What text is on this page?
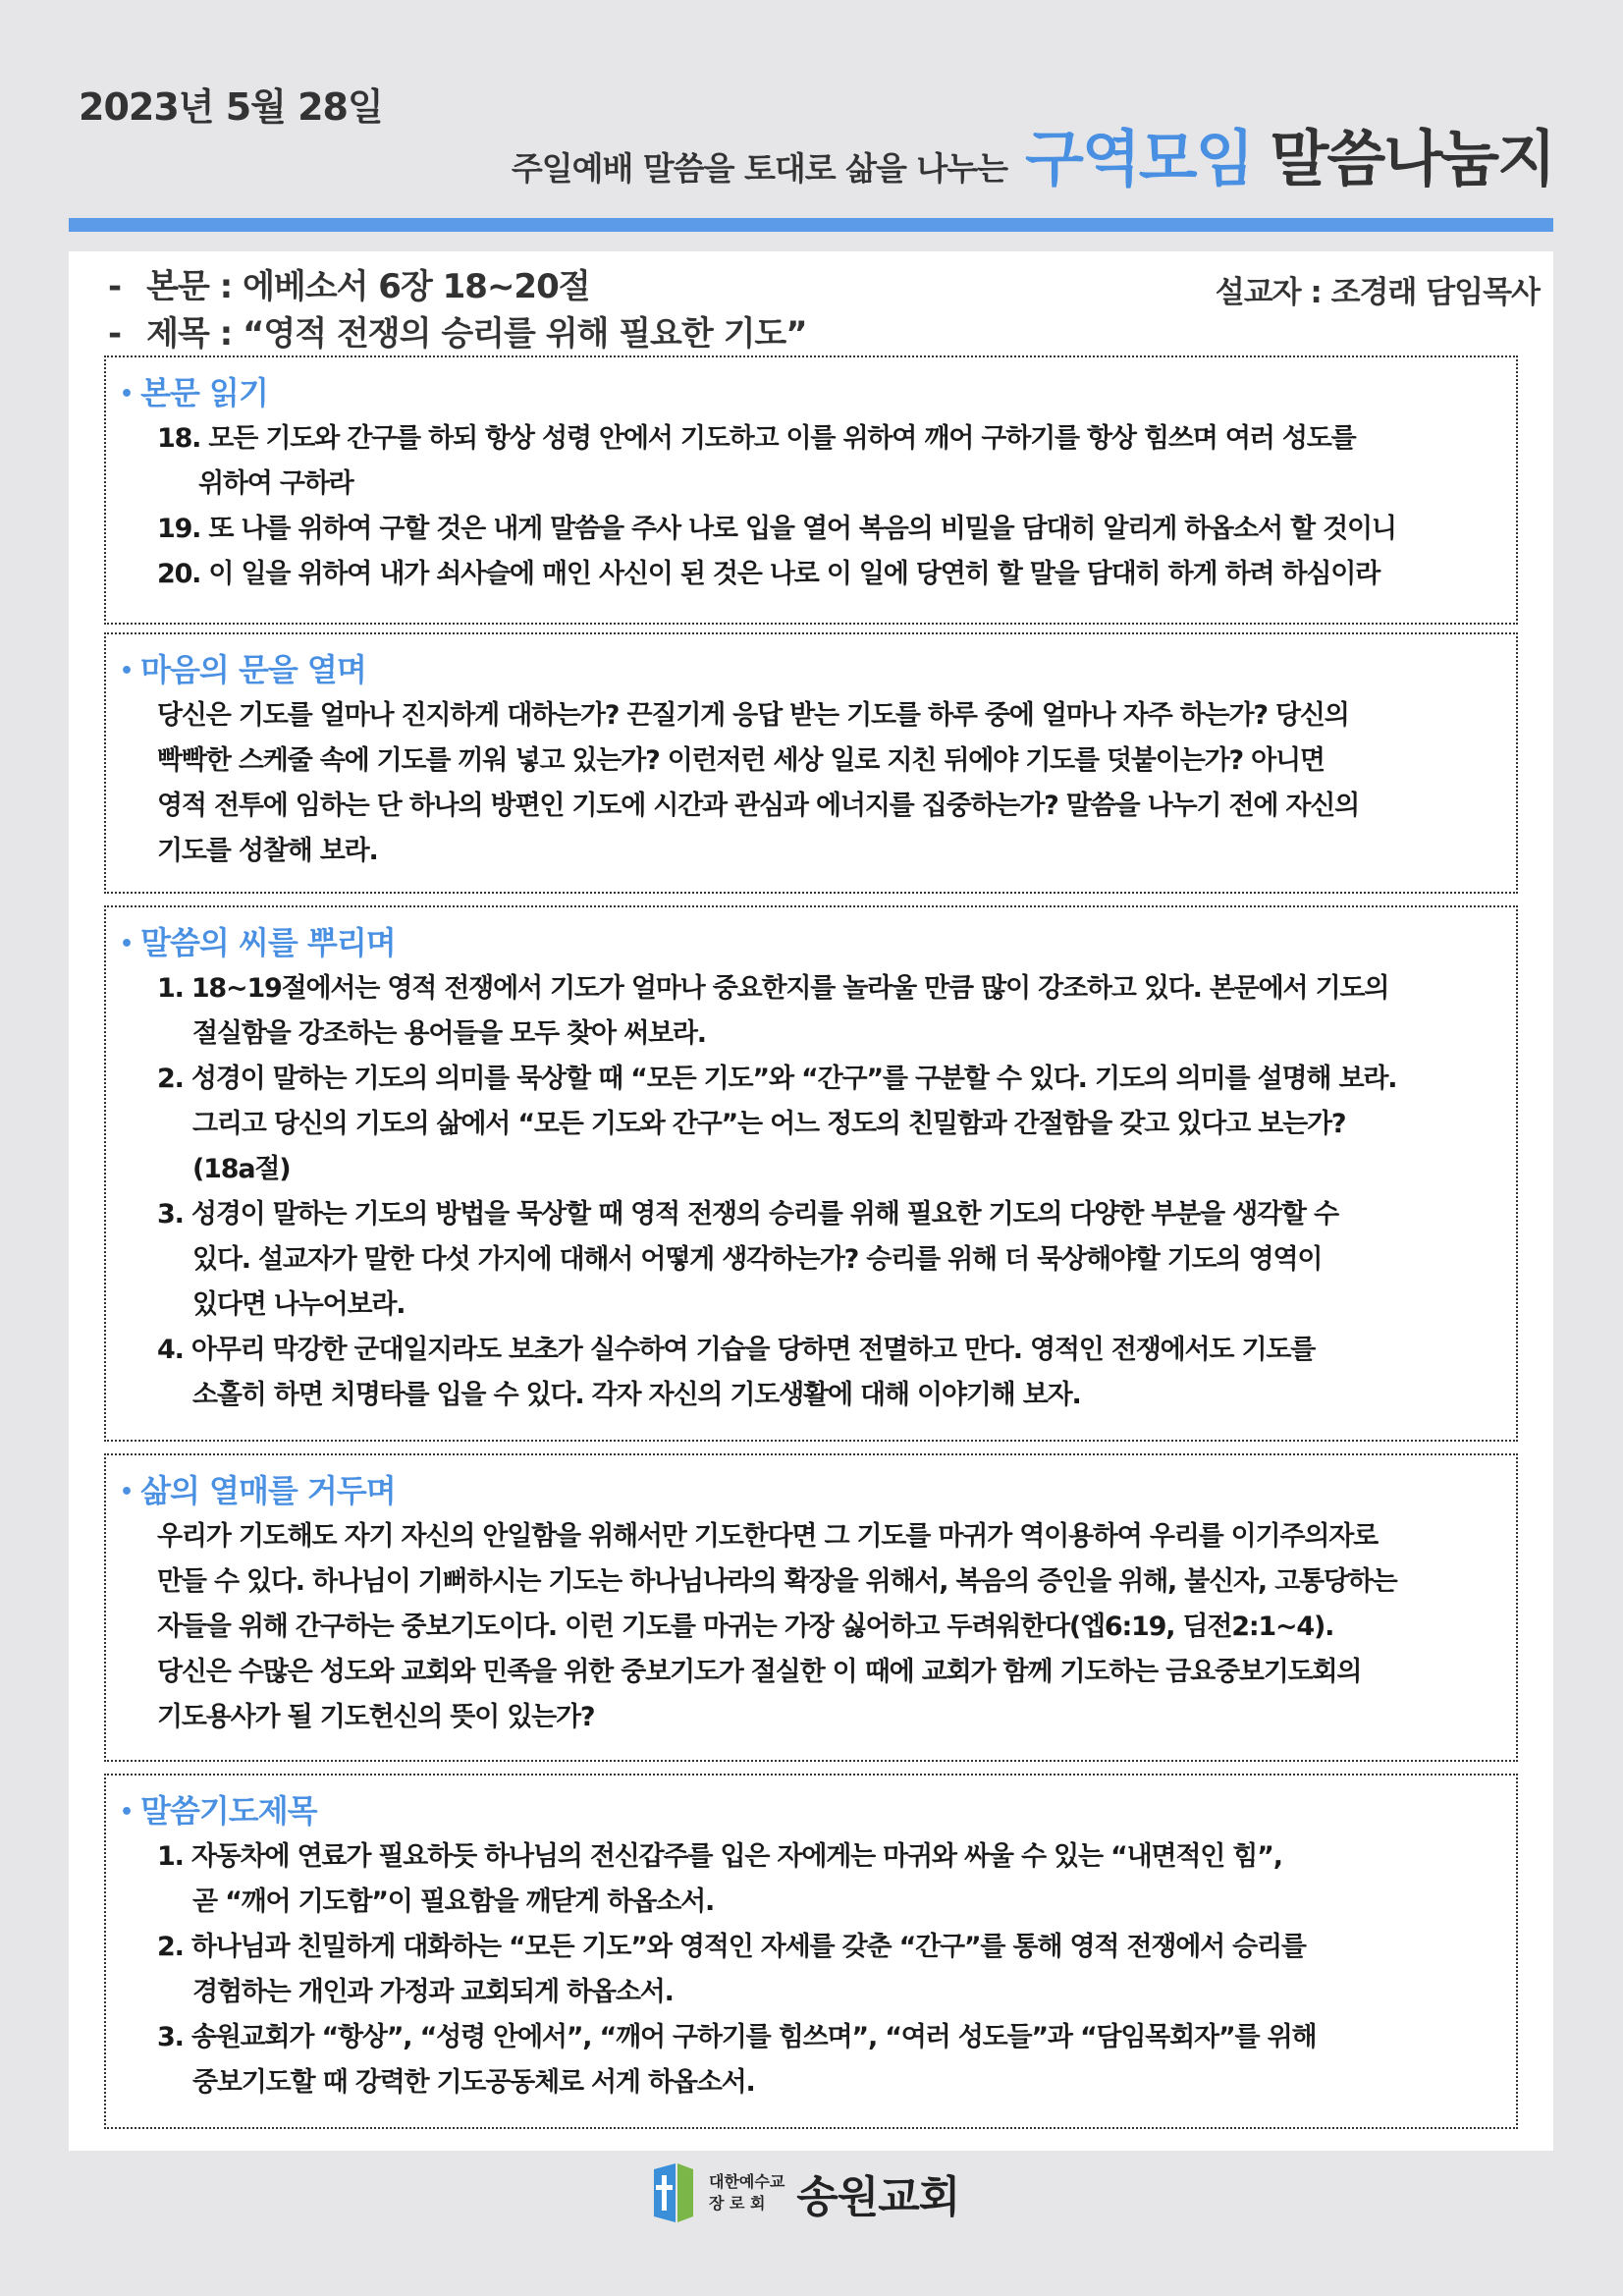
2023년 5월 28일
주일예배 말씀을 토대로 삶을 나누는 구역모임 말씀나눔지
- 본문 : 에베소서 6장 18~20절
- 제목 : “영적 전쟁의 승리를 위해 필요한 기도”
설교자 : 조경래 담임목사
• 본문 읽기
18. 모든 기도와 간구를 하되 항상 성령 안에서 기도하고 이를 위하여 깨어 구하기를 항상 힘쓰며 여러 성도를
위하여 구하라
19. 또 나를 위하여 구할 것은 내게 말씀을 주사 나로 입을 열어 복음의 비밀을 담대히 알리게 하옵소서 할 것이니
20. 이 일을 위하여 내가 쇠사슬에 매인 사신이 된 것은 나로 이 일에 당연히 할 말을 담대히 하게 하려 하심이라
• 마음의 문을 열며
당신은 기도를 얼마나 진지하게 대하는가? 끈질기게 응답 받는 기도를 하루 중에 얼마나 자주 하는가? 당신의
빡빡한 스케줄 속에 기도를 끼워 넣고 있는가? 이런저런 세상 일로 지친 뒤에야 기도를 덧붙이는가? 아니면
영적 전투에 임하는 단 하나의 방편인 기도에 시간과 관심과 에너지를 집중하는가? 말씀을 나누기 전에 자신의
기도를 성찰해 보라.
• 말씀의 씨를 뿌리며
1. 18~19절에서는 영적 전쟁에서 기도가 얼마나 중요한지를 놀라울 만큼 많이 강조하고 있다. 본문에서 기도의
절실함을 강조하는 용어들을 모두 찾아 써보라.
2. 성경이 말하는 기도의 의미를 묵상할 때 “모든 기도”와 “간구”를 구분할 수 있다. 기도의 의미를 설명해 보라.
그리고 당신의 기도의 삶에서 “모든 기도와 간구”는 어느 정도의 친밀함과 간절함을 갖고 있다고 보는가?
(18a절)
3. 성경이 말하는 기도의 방법을 묵상할 때 영적 전쟁의 승리를 위해 필요한 기도의 다양한 부분을 생각할 수
있다. 설교자가 말한 다섯 가지에 대해서 어떻게 생각하는가? 승리를 위해 더 묵상해야할 기도의 영역이
있다면 나누어보라.
4. 아무리 막강한 군대일지라도 보초가 실수하여 기습을 당하면 전멸하고 만다. 영적인 전쟁에서도 기도를
소홀히 하면 치명타를 입을 수 있다. 각자 자신의 기도생활에 대해 이야기해 보자.
• 삶의 열매를 거두며
우리가 기도해도 자기 자신의 안일함을 위해서만 기도한다면 그 기도를 마귀가 역이용하여 우리를 이기주의자로
만들 수 있다. 하나님이 기뻐하시는 기도는 하나님나라의 확장을 위해서, 복음의 증인을 위해, 불신자, 고통당하는
자들을 위해 간구하는 중보기도이다. 이런 기도를 마귀는 가장 싫어하고 두려워한다(엡6:19, 딤전2:1~4).
당신은 수많은 성도와 교회와 민족을 위한 중보기도가 절실한 이 때에 교회가 함께 기도하는 금요중보기도회의
기도용사가 될 기도헌신의 뜻이 있는가?
• 말씀기도제목
1. 자동차에 연료가 필요하듯 하나님의 전신갑주를 입은 자에게는 마귀와 싸울 수 있는 “내면적인 힘”,
곧 “깨어 기도함”이 필요함을 깨닫게 하옵소서.
2. 하나님과 친밀하게 대화하는 “모든 기도”와 영적인 자세를 갖춘 “간구”를 통해 영적 전쟁에서 승리를
경험하는 개인과 가정과 교회되게 하옵소서.
3. 송원교회가 “항상”, “성령 안에서”, “깨어 구하기를 힘쓰며”, “여러 성도들”과 “담임목회자”를 위해
중보기도할 때 강력한 기도공동체로 서게 하옵소서.
대한예수교
장 로 회 송원교회
